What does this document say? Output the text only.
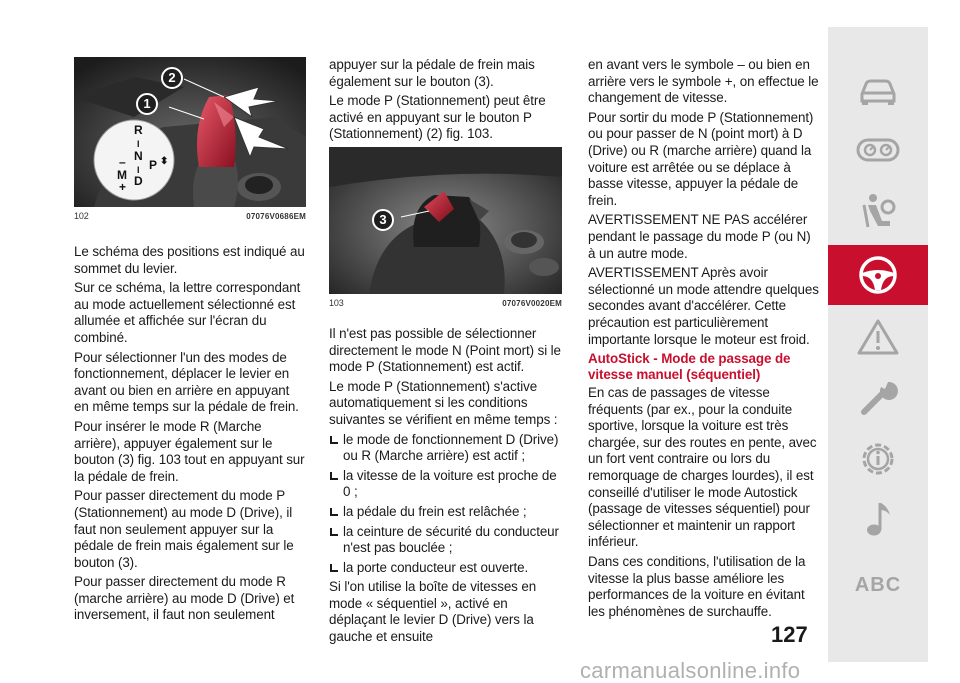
R
I
N
I
D
P ⬍
–
M
+
1
2
102	07076V0686EM

Le schéma des positions est indiqué au sommet du levier.

Sur ce schéma, la lettre correspondant au mode actuellement sélectionné est allumée et affichée sur l'écran du combiné.

Pour sélectionner l'un des modes de fonctionnement, déplacer le levier en avant ou bien en arrière en appuyant en même temps sur la pédale de frein.

Pour insérer le mode R (Marche arrière), appuyer également sur le bouton (3) fig. 103 tout en appuyant sur la pédale de frein.

Pour passer directement du mode P (Stationnement) au mode D (Drive), il faut non seulement appuyer sur la pédale de frein mais également sur le bouton (3).

Pour passer directement du mode R (marche arrière) au mode D (Drive) et inversement, il faut non seulement

appuyer sur la pédale de frein mais également sur le bouton (3).

Le mode P (Stationnement) peut être activé en appuyant sur le bouton P (Stationnement) (2) fig. 103.

3
103	07076V0020EM

Il n'est pas possible de sélectionner directement le mode N (Point mort) si le mode P (Stationnement) est actif.

Le mode P (Stationnement) s'active automatiquement si les conditions suivantes se vérifient en même temps :

le mode de fonctionnement D (Drive) ou R (Marche arrière) est actif ;

la vitesse de la voiture est proche de 0 ;

la pédale du frein est relâchée ;

la ceinture de sécurité du conducteur n'est pas bouclée ;

la porte conducteur est ouverte.

Si l'on utilise la boîte de vitesses en mode « séquentiel », activé en déplaçant le levier D (Drive) vers la gauche et ensuite

en avant vers le symbole – ou bien en arrière vers le symbole +, on effectue le changement de vitesse.

Pour sortir du mode P (Stationnement) ou pour passer de N (point mort) à D (Drive) ou R (marche arrière) quand la voiture est arrêtée ou se déplace à basse vitesse, appuyer la pédale de frein.

AVERTISSEMENT NE PAS accélérer pendant le passage du mode P (ou N) à un autre mode.

AVERTISSEMENT Après avoir sélectionné un mode attendre quelques secondes avant d'accélérer. Cette précaution est particulièrement importante lorsque le moteur est froid.

AutoStick - Mode de passage de vitesse manuel (séquentiel)

En cas de passages de vitesse fréquents (par ex., pour la conduite sportive, lorsque la voiture est très chargée, sur des routes en pente, avec un fort vent contraire ou lors du remorquage de charges lourdes), il est conseillé d'utiliser le mode Autostick (passage de vitesses séquentiel) pour sélectionner et maintenir un rapport inférieur.

Dans ces conditions, l'utilisation de la vitesse la plus basse améliore les performances de la voiture en évitant les phénomènes de surchauffe.

127
ABC
carmanualsonline.info
